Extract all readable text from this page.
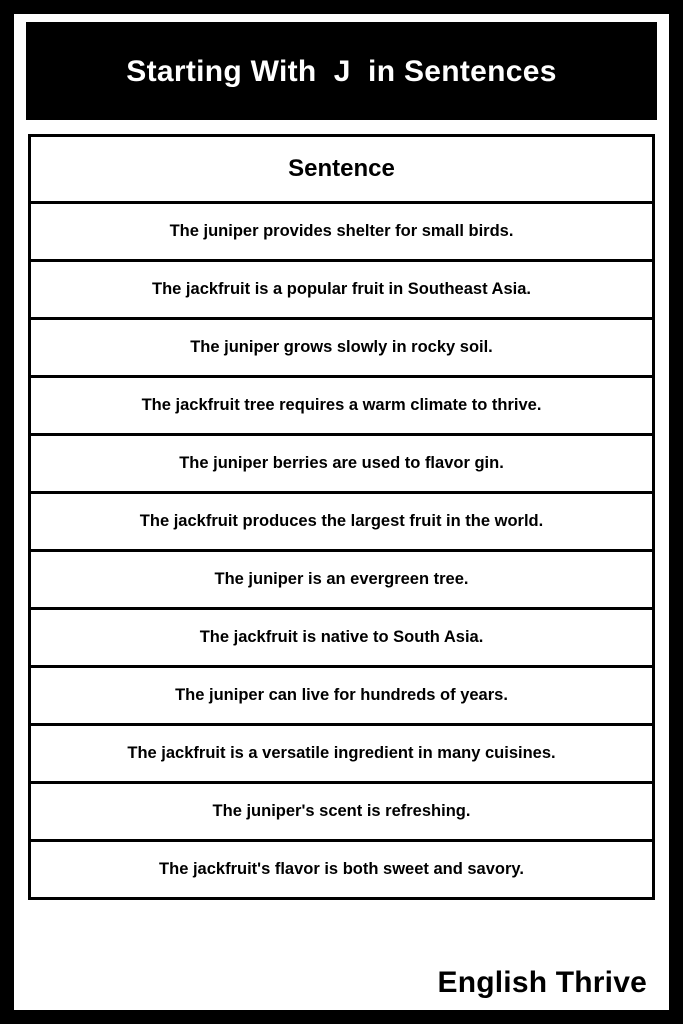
Starting With  J  in Sentences
Sentence
The juniper provides shelter for small birds.
The jackfruit is a popular fruit in Southeast Asia.
The juniper grows slowly in rocky soil.
The jackfruit tree requires a warm climate to thrive.
The juniper berries are used to flavor gin.
The jackfruit produces the largest fruit in the world.
The juniper is an evergreen tree.
The jackfruit is native to South Asia.
The juniper can live for hundreds of years.
The jackfruit is a versatile ingredient in many cuisines.
The juniper's scent is refreshing.
The jackfruit's flavor is both sweet and savory.
English Thrive
